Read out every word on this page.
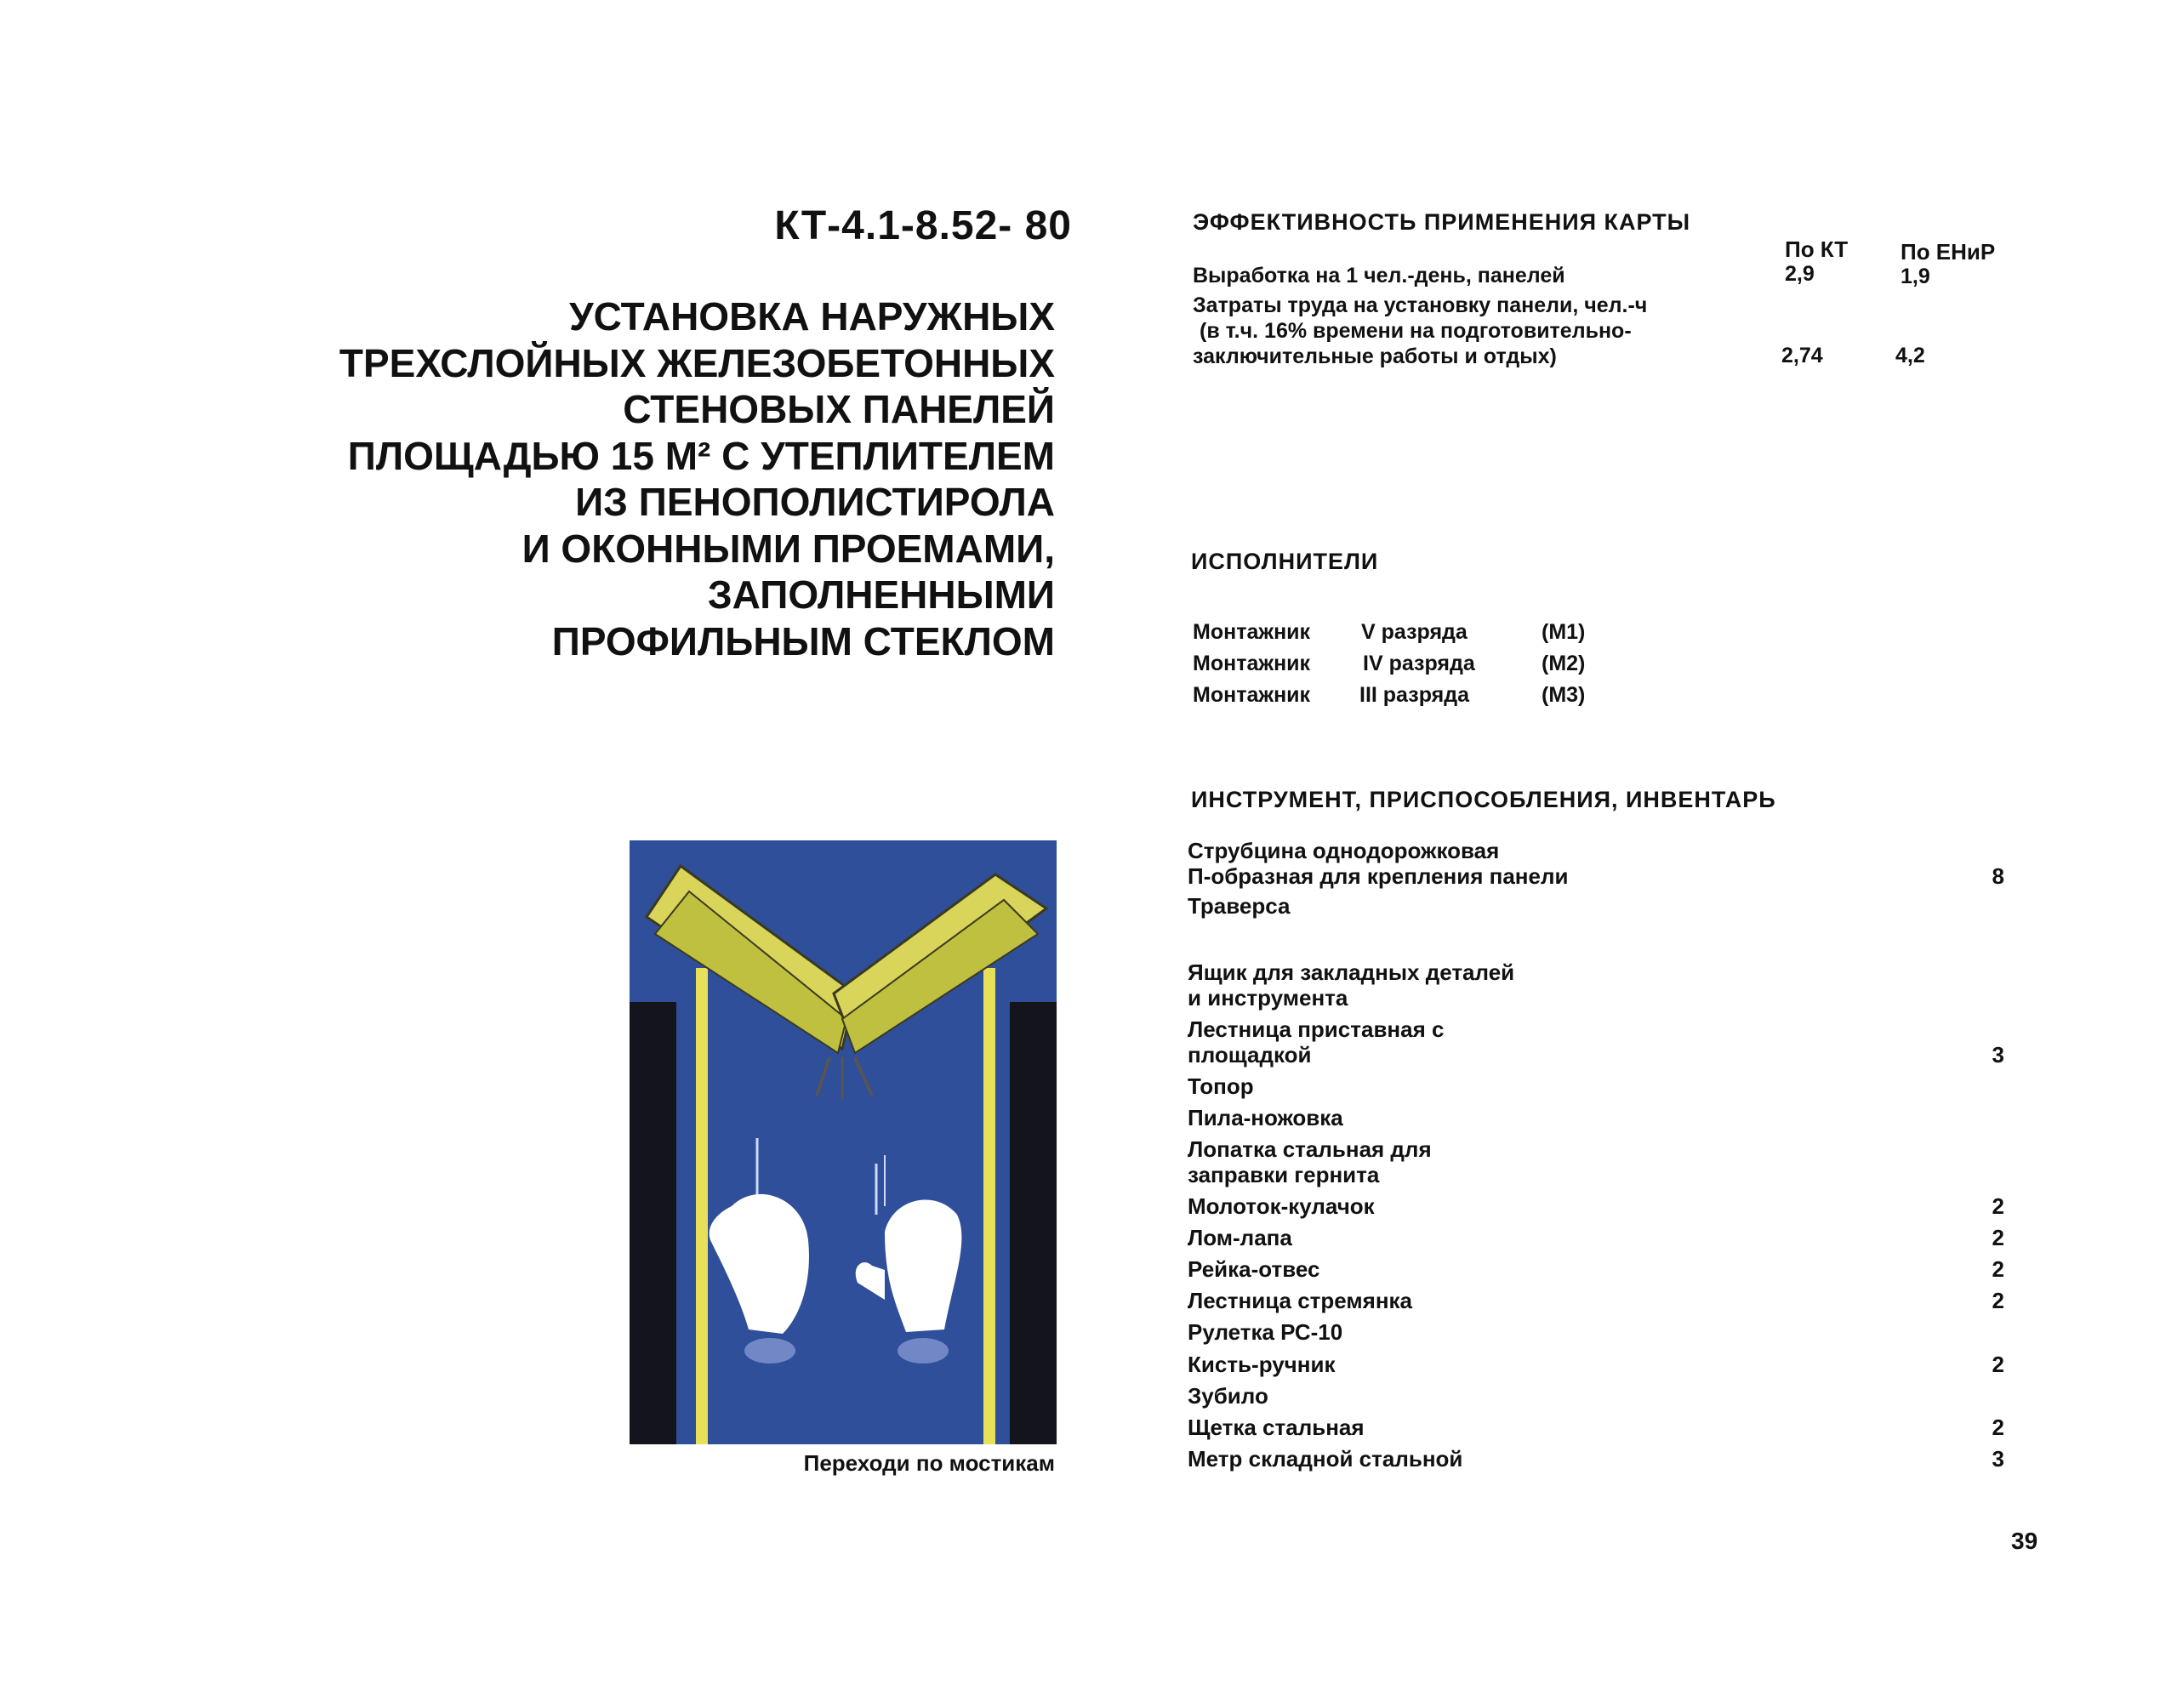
КТ-4.1-8.52- 80
УСТАНОВКА НАРУЖНЫХ
ТРЕХСЛОЙНЫХ ЖЕЛЕЗОБЕТОННЫХ
СТЕНОВЫХ ПАНЕЛЕЙ
ПЛОЩАДЬЮ 15 М² С УТЕПЛИТЕЛЕМ
ИЗ ПЕНОПОЛИСТИРОЛА
И ОКОННЫМИ ПРОЕМАМИ,
ЗАПОЛНЕННЫМИ
ПРОФИЛЬНЫМ СТЕКЛОМ
Переходи по мостикам
ЭФФЕКТИВНОСТЬ ПРИМЕНЕНИЯ КАРТЫ
По КТ По ЕНиР
Выработка на 1 чел.-день, панелей	2,9	1,9
Затраты труда на установку панели, чел.-ч
(в т.ч. 16% времени на подготовительно-
заключительные работы и отдых)	2,74	4,2
ИСПОЛНИТЕЛИ
Монтажник V разряда	(М1)
Монтажник IV разряда	(М2)
Монтажник III разряда	(М3)
ИНСТРУМЕНТ, ПРИСПОСОБЛЕНИЯ, ИНВЕНТАРЬ
Струбцина однодорожковая
П-образная для крепления панели	8
Траверса
Ящик для закладных деталей
и инструмента
Лестница приставная с
площадкой	3
Топор
Пила-ножовка
Лопатка стальная для
заправки гернита
Молоток-кулачок	2
Лом-лапа	2
Рейка-отвес	2
Лестница стремянка	2
Рулетка РС-10
Кисть-ручник	2
Зубило
Щетка стальная	2
Метр складной стальной	3
39
